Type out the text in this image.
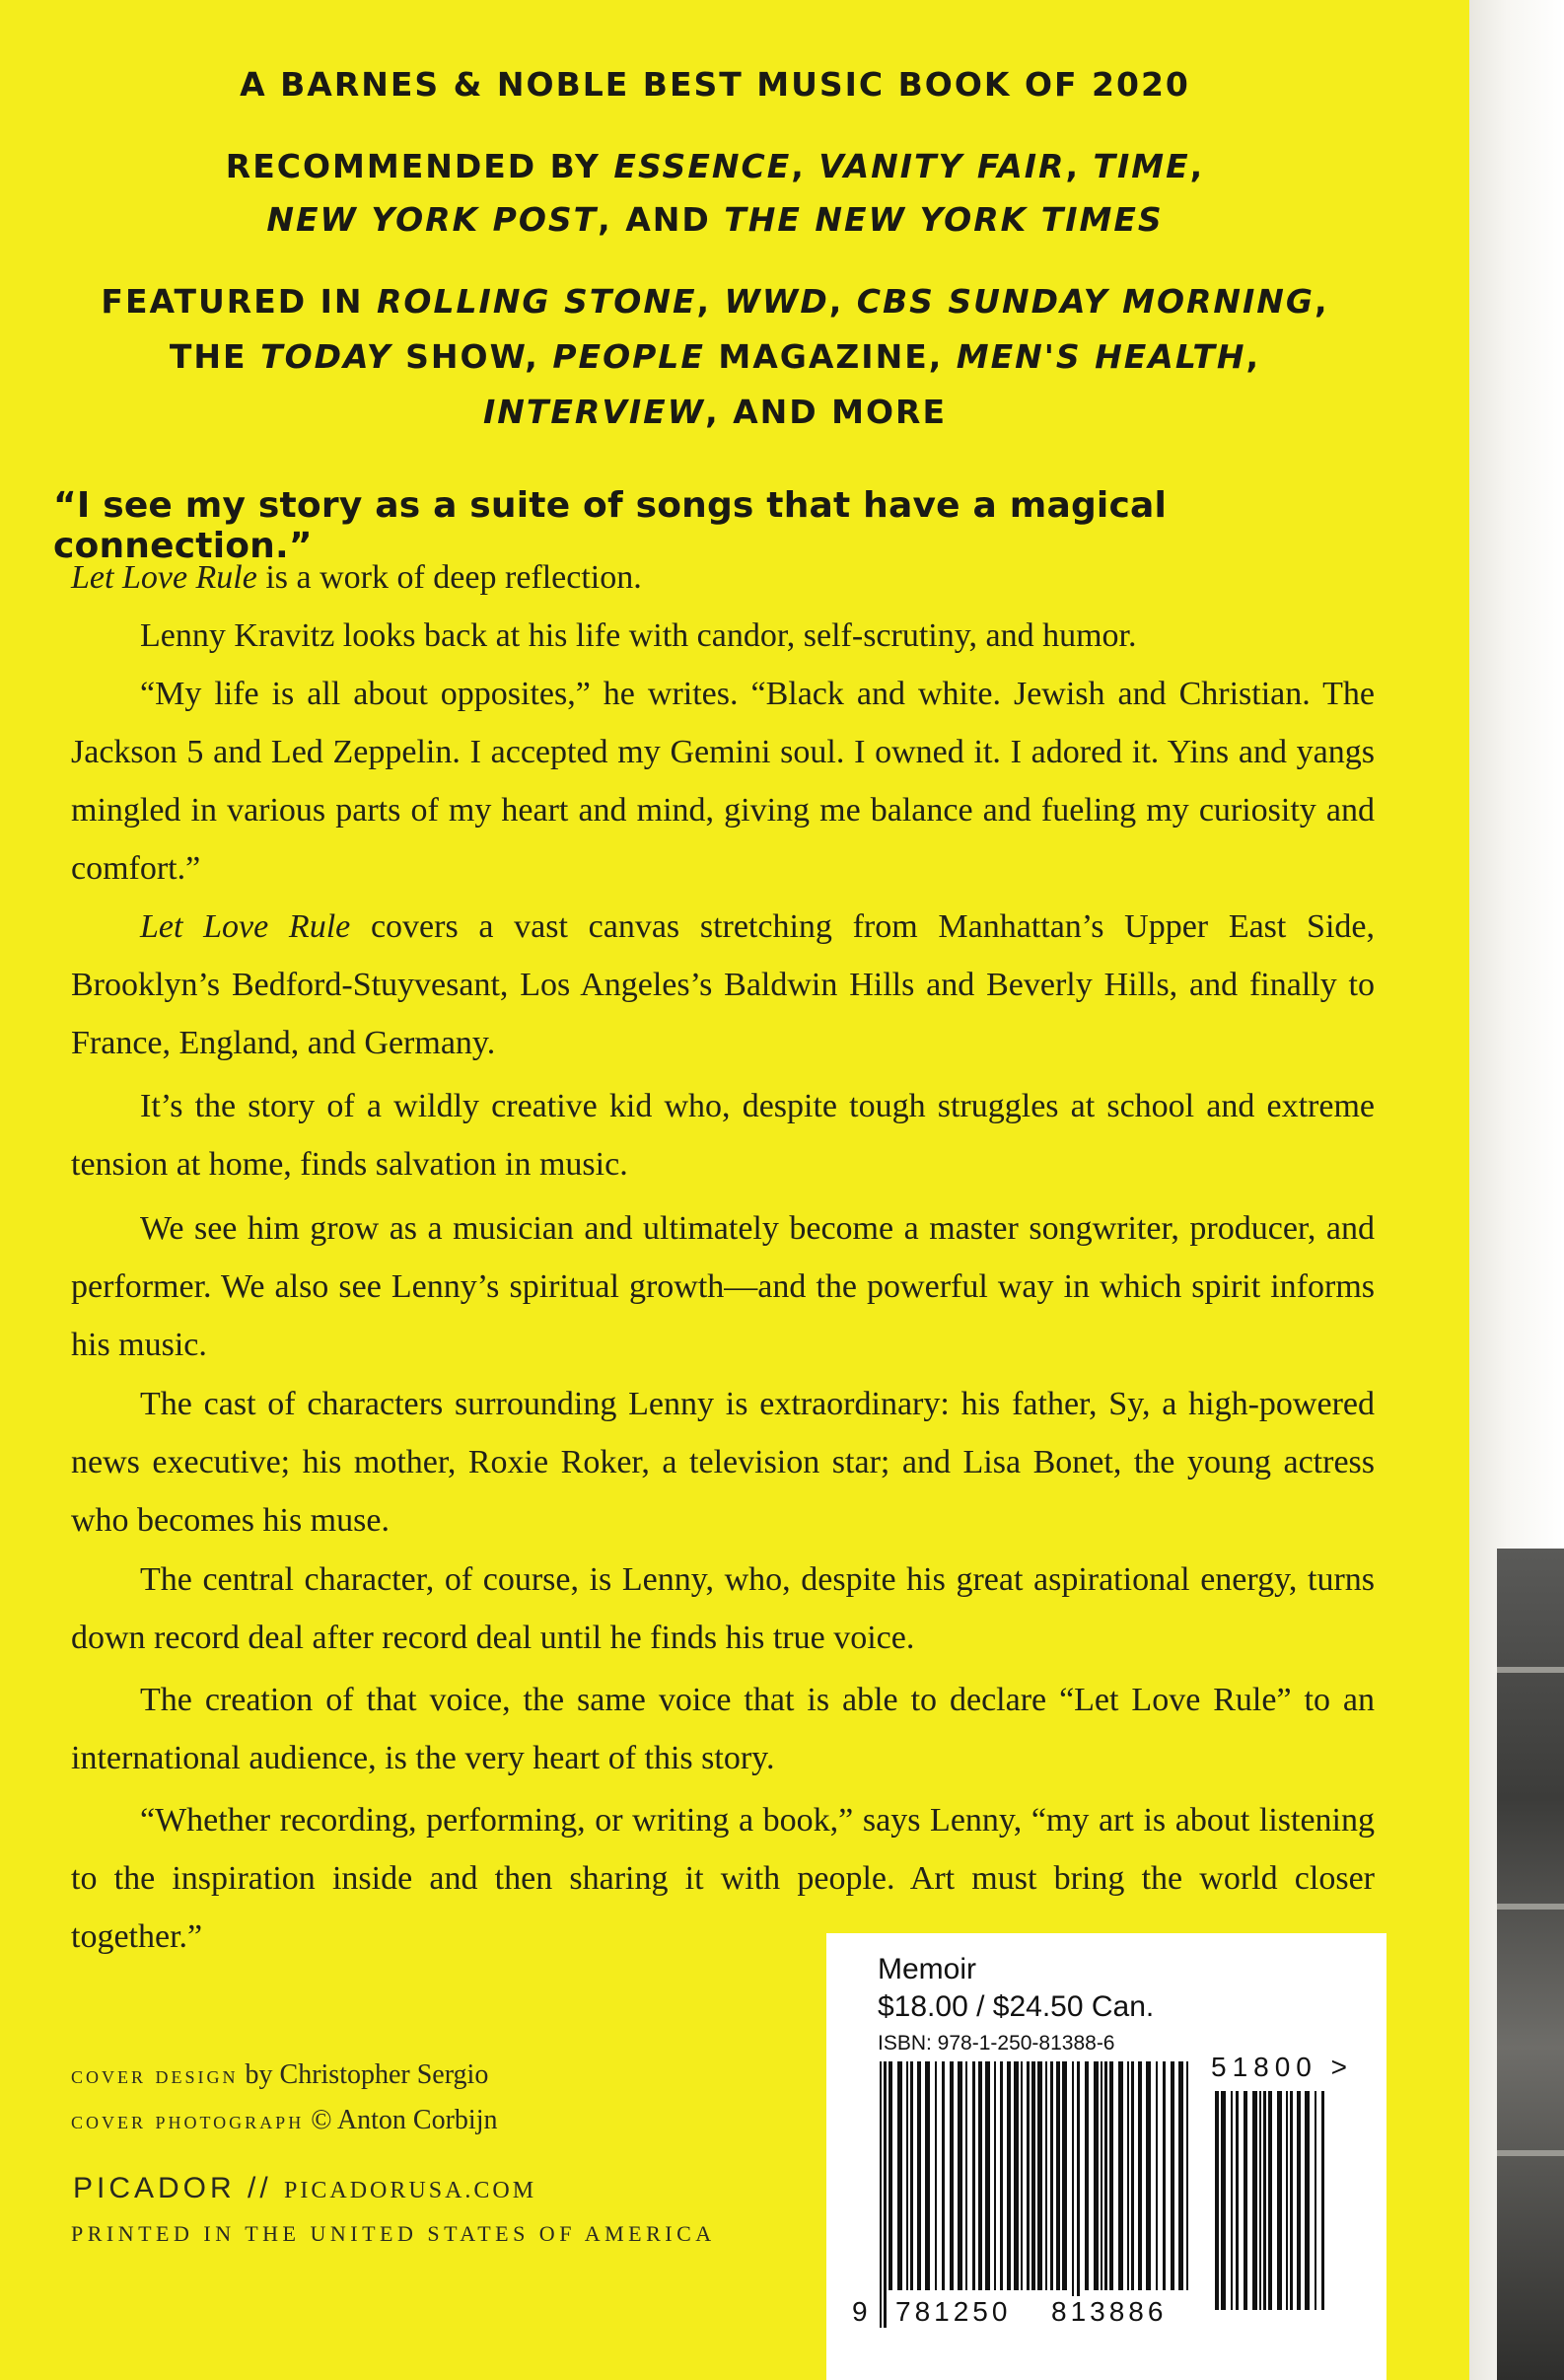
A BARNES & NOBLE BEST MUSIC BOOK OF 2020

RECOMMENDED BY ESSENCE, VANITY FAIR, TIME,
NEW YORK POST, AND THE NEW YORK TIMES

FEATURED IN ROLLING STONE, WWD, CBS SUNDAY MORNING,
THE TODAY SHOW, PEOPLE MAGAZINE, MEN'S HEALTH,
INTERVIEW, AND MORE

“I see my story as a suite of songs that have a magical connection.”

Let Love Rule is a work of deep reflection.

Lenny Kravitz looks back at his life with candor, self-scrutiny, and humor.

“My life is all about opposites,” he writes. “Black and white. Jewish and Christian. The Jackson 5 and Led Zeppelin. I accepted my Gemini soul. I owned it. I adored it. Yins and yangs mingled in various parts of my heart and mind, giving me balance and fueling my curiosity and comfort.”

Let Love Rule covers a vast canvas stretching from Manhattan’s Upper East Side, Brooklyn’s Bedford-Stuyvesant, Los Angeles’s Baldwin Hills and Beverly Hills, and finally to France, England, and Germany.

It’s the story of a wildly creative kid who, despite tough struggles at school and extreme tension at home, finds salvation in music.

We see him grow as a musician and ultimately become a master songwriter, producer, and performer. We also see Lenny’s spiritual growth—and the powerful way in which spirit informs his music.

The cast of characters surrounding Lenny is extraordinary: his father, Sy, a high-powered news executive; his mother, Roxie Roker, a television star; and Lisa Bonet, the young actress who becomes his muse.

The central character, of course, is Lenny, who, despite his great aspirational energy, turns down record deal after record deal until he finds his true voice.

The creation of that voice, the same voice that is able to declare “Let Love Rule” to an international audience, is the very heart of this story.

“Whether recording, performing, or writing a book,” says Lenny, “my art is about listening to the inspiration inside and then sharing it with people. Art must bring the world closer together.”

cover design by Christopher Sergio

cover photograph © Anton Corbijn

PICADOR // PICADORUSA.COM

PRINTED IN THE UNITED STATES OF AMERICA

Memoir

$18.00 / $24.50 Can.

ISBN: 978-1-250-81388-6

9 781250 813886

51800 >
